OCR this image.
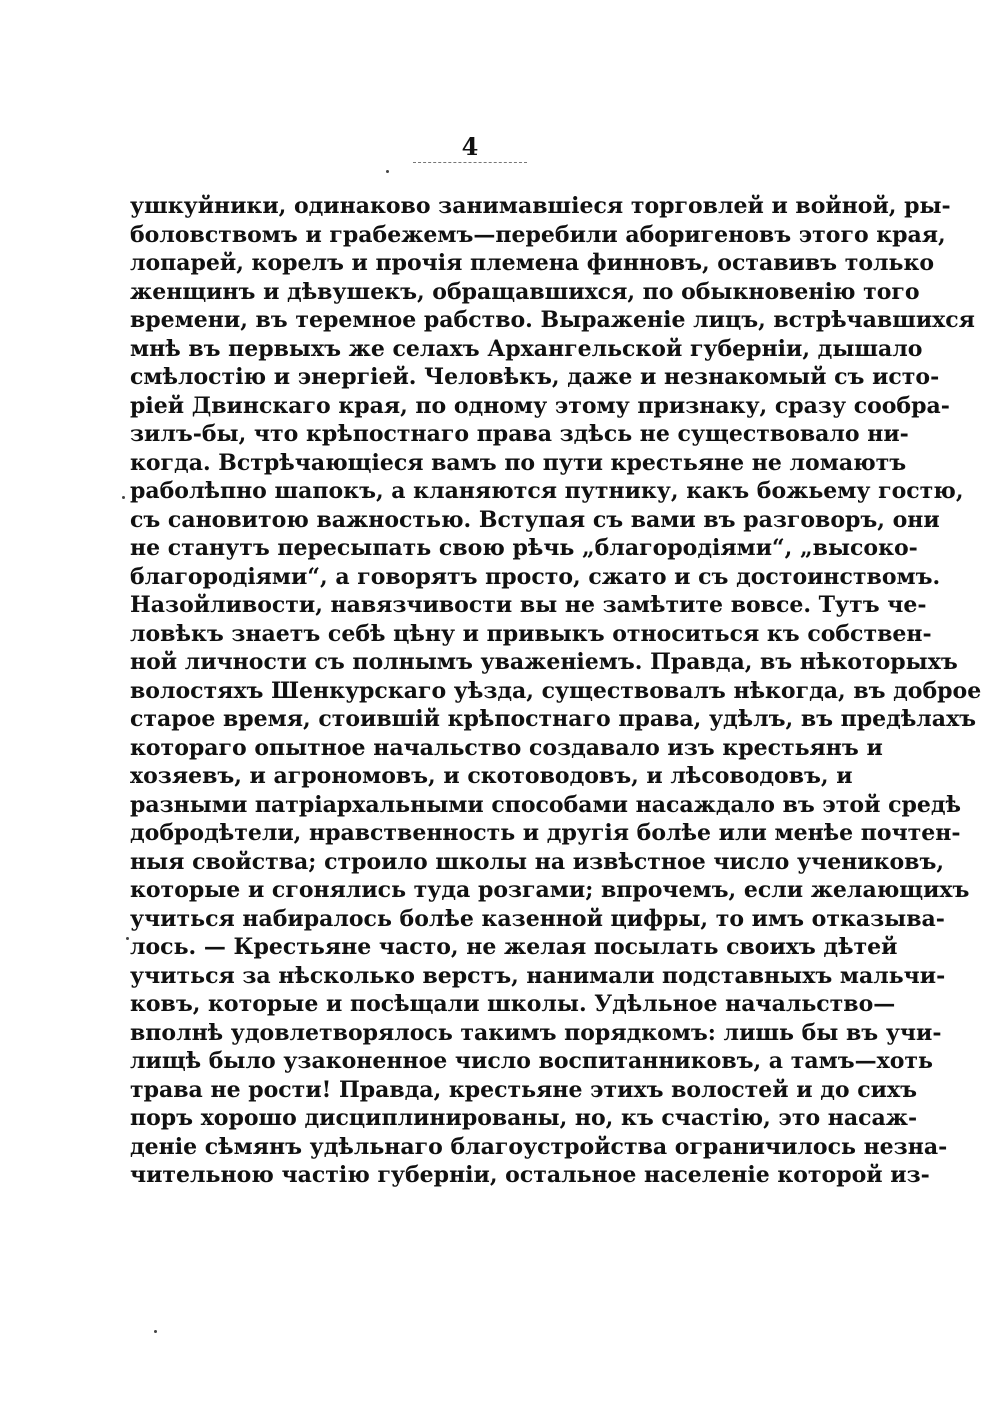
4
ушкуйники, одинаково занимавшіеся торговлей и войной, ры-
боловствомъ и грабежемъ—перебили аборигеновъ этого края,
лопарей, корелъ и прочія племена финновъ, оставивъ только
женщинъ и дѣвушекъ, обращавшихся, по обыкновенію того
времени, въ теремное рабство. Выраженіе лицъ, встрѣчавшихся
мнѣ въ первыхъ же селахъ Архангельской губерніи, дышало
смѣлостію и энергіей. Человѣкъ, даже и незнакомый съ исто-
ріей Двинскаго края, по одному этому признаку, сразу сообра-
зилъ-бы, что крѣпостнаго права здѣсь не существовало ни-
когда. Встрѣчающіеся вамъ по пути крестьяне не ломаютъ
раболѣпно шапокъ, а кланяются путнику, какъ божьему гостю,
съ сановитою важностью. Вступая съ вами въ разговоръ, они
не станутъ пересыпать свою рѣчь „благородіями“, „высоко-
благородіями“, а говорятъ просто, сжато и съ достоинствомъ.
Назойливости, навязчивости вы не замѣтите вовсе. Тутъ че-
ловѣкъ знаетъ себѣ цѣну и привыкъ относиться къ собствен-
ной личности съ полнымъ уваженіемъ. Правда, въ нѣкоторыхъ
волостяхъ Шенкурскаго уѣзда, существовалъ нѣкогда, въ доброе
старое время, стоившій крѣпостнаго права, удѣлъ, въ предѣлахъ
котораго опытное начальство создавало изъ крестьянъ и
хозяевъ, и агрономовъ, и скотоводовъ, и лѣсоводовъ, и
разными патріархальными способами насаждало въ этой средѣ
добродѣтели, нравственность и другія болѣе или менѣе почтен-
ныя свойства; строило школы на извѣстное число учениковъ,
которые и сгонялись туда розгами; впрочемъ, если желающихъ
учиться набиралось болѣе казенной цифры, то имъ отказыва-
лось. — Крестьяне часто, не желая посылать своихъ дѣтей
учиться за нѣсколько верстъ, нанимали подставныхъ мальчи-
ковъ, которые и посѣщали школы. Удѣльное начальство—
вполнѣ удовлетворялось такимъ порядкомъ: лишь бы въ учи-
лищѣ было узаконенное число воспитанниковъ, а тамъ—хоть
трава не рости! Правда, крестьяне этихъ волостей и до сихъ
поръ хорошо дисциплинированы, но, къ счастію, это насаж-
деніе сѣмянъ удѣльнаго благоустройства ограничилось незна-
чительною частію губерніи, остальное населеніе которой из-
